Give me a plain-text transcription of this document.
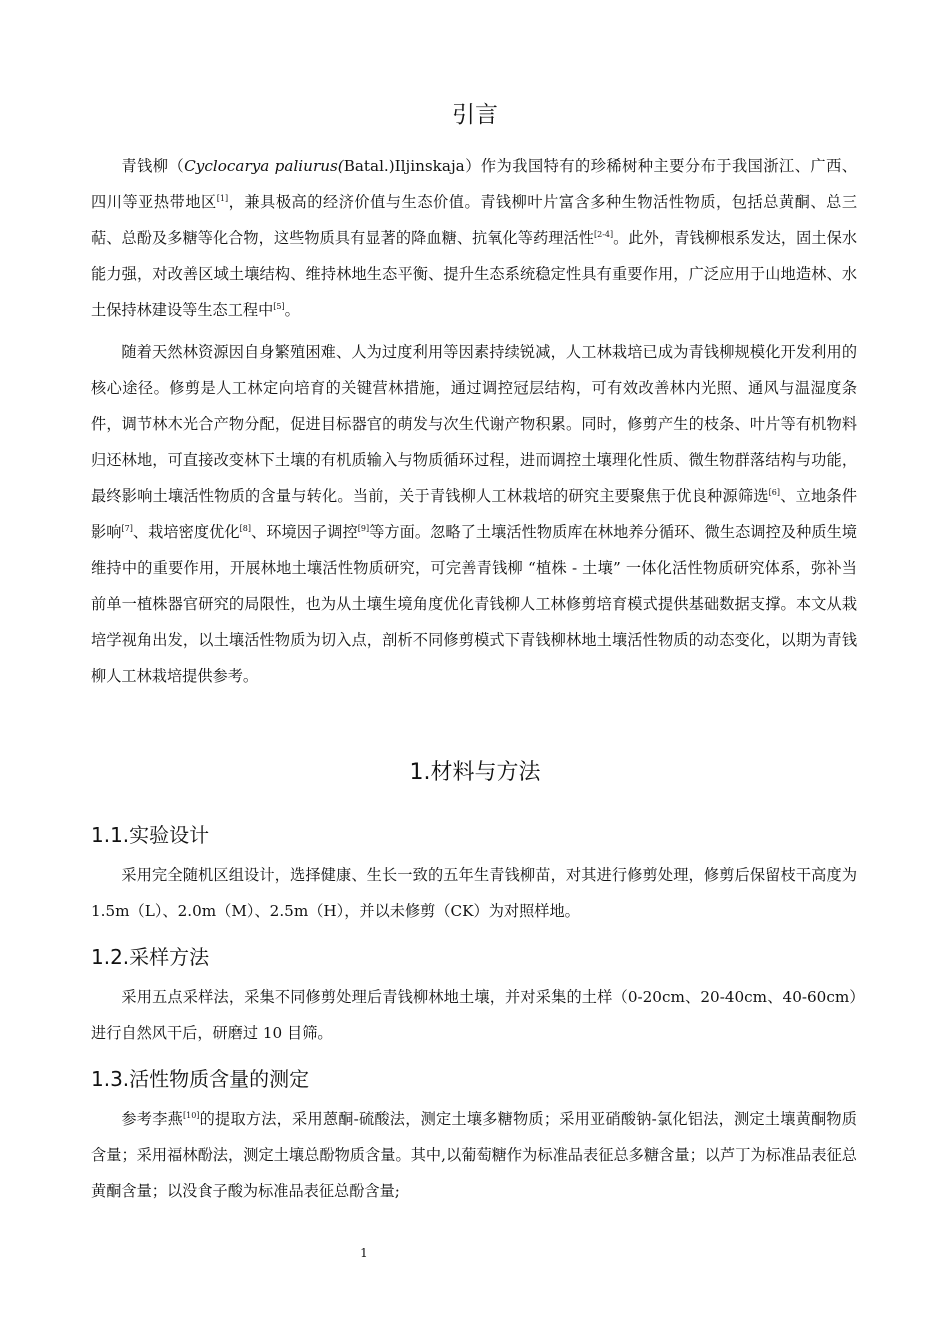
引言

青钱柳（Cyclocarya paliurus(Batal.)Iljinskaja）作为我国特有的珍稀树种主要分布于我国浙江、广西、四川等亚热带地区[1]，兼具极高的经济价值与生态价值。青钱柳叶片富含多种生物活性物质，包括总黄酮、总三萜、总酚及多糖等化合物，这些物质具有显著的降血糖、抗氧化等药理活性[2-4]。此外，青钱柳根系发达，固土保水能力强，对改善区域土壤结构、维持林地生态平衡、提升生态系统稳定性具有重要作用，广泛应用于山地造林、水土保持林建设等生态工程中[5]。

随着天然林资源因自身繁殖困难、人为过度利用等因素持续锐减，人工林栽培已成为青钱柳规模化开发利用的核心途径。修剪是人工林定向培育的关键营林措施，通过调控冠层结构，可有效改善林内光照、通风与温湿度条件，调节林木光合产物分配，促进目标器官的萌发与次生代谢产物积累。同时，修剪产生的枝条、叶片等有机物料归还林地，可直接改变林下土壤的有机质输入与物质循环过程，进而调控土壤理化性质、微生物群落结构与功能，最终影响土壤活性物质的含量与转化。当前，关于青钱柳人工林栽培的研究主要聚焦于优良种源筛选[6]、立地条件影响[7]、栽培密度优化[8]、环境因子调控[9]等方面。忽略了土壤活性物质库在林地养分循环、微生态调控及种质生境维持中的重要作用，开展林地土壤活性物质研究，可完善青钱柳 “植株 - 土壤” 一体化活性物质研究体系，弥补当前单一植株器官研究的局限性，也为从土壤生境角度优化青钱柳人工林修剪培育模式提供基础数据支撑。本文从栽培学视角出发，以土壤活性物质为切入点，剖析不同修剪模式下青钱柳林地土壤活性物质的动态变化，以期为青钱柳人工林栽培提供参考。

1.材料与方法
1.1.实验设计

采用完全随机区组设计，选择健康、生长一致的五年生青钱柳苗，对其进行修剪处理，修剪后保留枝干高度为 1.5m（L）、2.0m（M）、2.5m（H），并以未修剪（CK）为对照样地。

1.2.采样方法

采用五点采样法，采集不同修剪处理后青钱柳林地土壤，并对采集的土样（0-20cm、20-40cm、40-60cm）进行自然风干后，研磨过 10 目筛。

1.3.活性物质含量的测定

参考李燕[10]的提取方法，采用蒽酮-硫酸法，测定土壤多糖物质；采用亚硝酸钠-氯化铝法，测定土壤黄酮物质含量；采用福林酚法，测定土壤总酚物质含量。其中,以葡萄糖作为标准品表征总多糖含量；以芦丁为标准品表征总黄酮含量；以没食子酸为标准品表征总酚含量;

1
